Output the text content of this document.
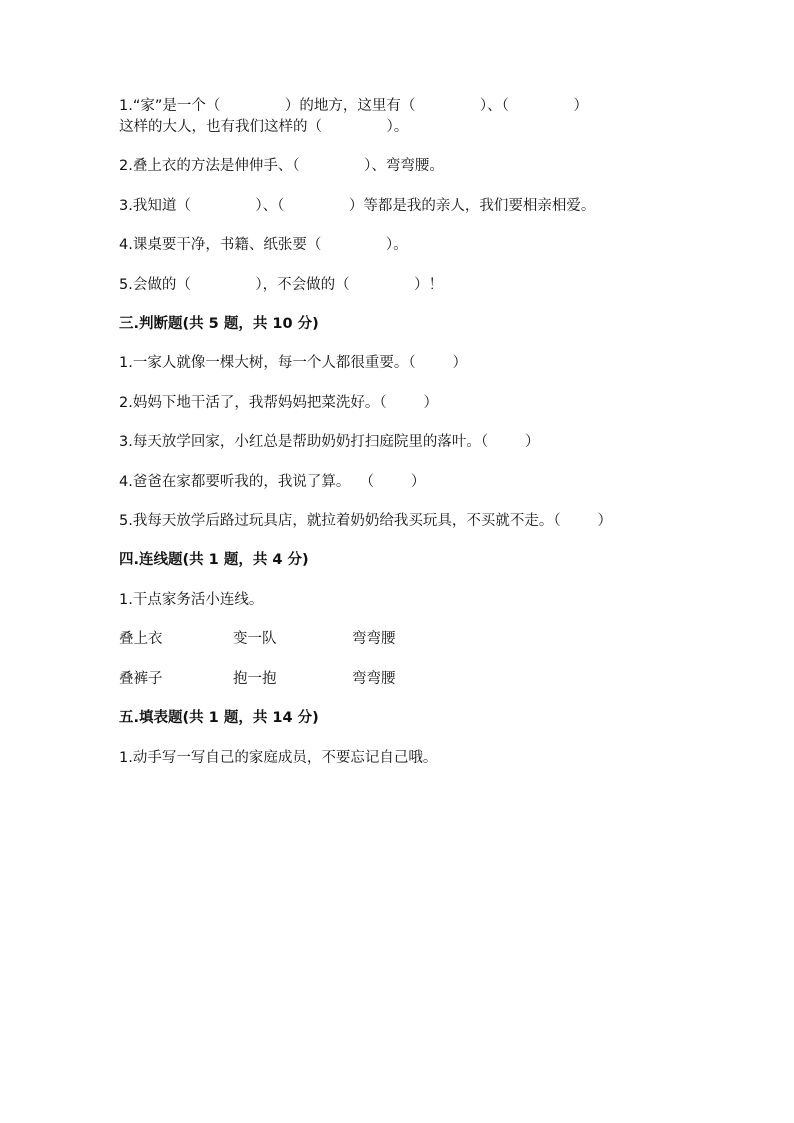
1.“家”是一个（              ）的地方，这里有（              ）、（              ）
这样的大人，也有我们这样的（              ）。
2.叠上衣的方法是伸伸手、（              ）、弯弯腰。
3.我知道（              ）、（              ）等都是我的亲人，我们要相亲相爱。
4.课桌要干净，书籍、纸张要（              ）。
5.会做的（              ），不会做的（              ）！
三.判断题(共 5 题，共 10 分)
1.一家人就像一棵大树，每一个人都很重要。（        ）
2.妈妈下地干活了，我帮妈妈把菜洗好。（        ）
3.每天放学回家，小红总是帮助奶奶打扫庭院里的落叶。（        ）
4.爸爸在家都要听我的，我说了算。  （        ）
5.我每天放学后路过玩具店，就拉着奶奶给我买玩具，不买就不走。（        ）
四.连线题(共 1 题，共 4 分)
1.干点家务活小连线。
叠上衣	变一队	弯弯腰
叠裤子	抱一抱	弯弯腰
五.填表题(共 1 题，共 14 分)
1.动手写一写自己的家庭成员，不要忘记自己哦。
